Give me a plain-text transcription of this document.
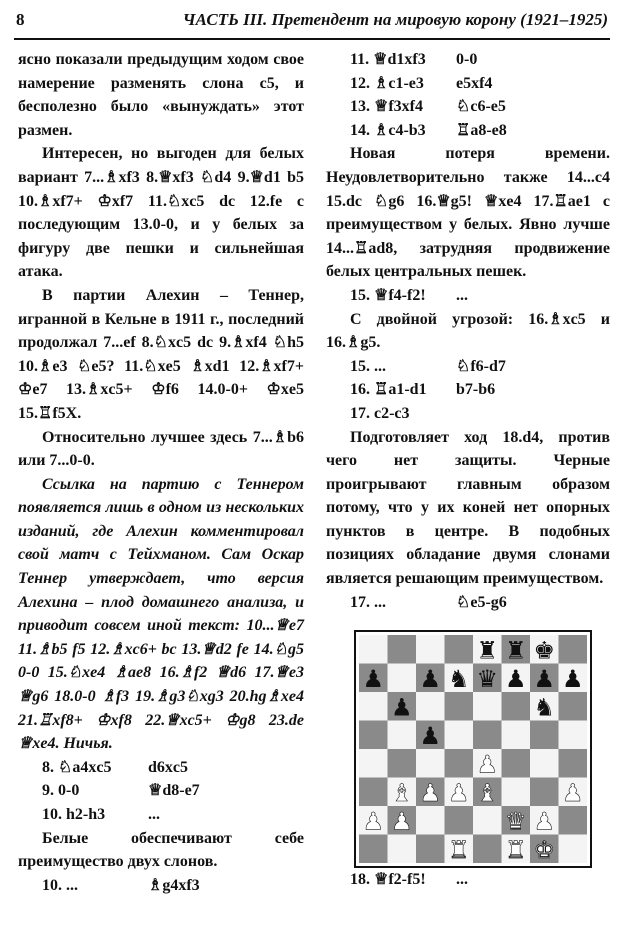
8	ЧАСТЬ III. Претендент на мировую корону (1921–1925)

ясно показали предыдущим ходом свое намерение разменять слона с5, и бесполезно было «вынуждать» этот размен.

Интересен, но выгоден для белых вариант 7...♗xf3 8.♕xf3 ♘d4 9.♕d1 b5 10.♗xf7+ ♔xf7 11.♘xc5 dc 12.fe с последующим 13.0-0, и у белых за фигуру две пешки и сильнейшая атака.

В партии Алехин – Теннер, игранной в Кельне в 1911 г., последний продолжал 7...ef 8.♘xc5 dc 9.♗xf4 ♘h5 10.♗e3 ♘e5? 11.♘xe5 ♗xd1 12.♗xf7+ ♔e7 13.♗xc5+ ♔f6 14.0-0+ ♔xe5 15.♖f5X.

Относительно лучшее здесь 7...♗b6 или 7...0-0.

Ссылка на партию с Теннером появляется лишь в одном из нескольких изданий, где Алехин комментировал свой матч с Тейхманом. Сам Оскар Теннер утверждает, что версия Алехина – плод домашнего анализа, и приводит совсем иной текст: 10...♕e7 11.♗b5 f5 12.♗xc6+ bc 13.♕d2 fe 14.♘g5 0-0 15.♘xe4 ♗ae8 16.♗f2 ♕d6 17.♕e3 ♕g6 18.0-0 ♗f3 19.♗g3♘xg3 20.hg♗xe4 21.♖xf8+ ♔xf8 22.♕xc5+ ♔g8 23.de ♕xe4. Ничья.

8. ♘a4xc5	d6xc5
9. 0-0	♕d8-e7
10. h2-h3	...

Белые обеспечивают себе преимущество двух слонов.

10. ...	♗g4xf3
11. ♕d1xf3	0-0
12. ♗c1-e3	e5xf4
13. ♕f3xf4	♘c6-e5
14. ♗c4-b3	♖a8-e8

Новая потеря времени. Неудовлетворительно также 14...c4 15.dc ♘g6 16.♕g5! ♕xe4 17.♖ae1 с преимуществом у белых. Явно лучше 14...♖ad8, затрудняя продвижение белых центральных пешек.

15. ♕f4-f2!	...

С двойной угрозой: 16.♗xc5 и 16.♗g5.

15. ...	♘f6-d7
16. ♖a1-d1	b7-b6
17. c2-c3

Подготовляет ход 18.d4, против чего нет защиты. Черные проигрывают главным образом потому, что у их коней нет опорных пунктов в центре. В подобных позициях обладание двумя слонами является решающим преимуществом.

17. ...	♘e5-g6
♜ ♜ ♚
♟ ♟ ♞ ♛ ♟ ♟ ♟
♟	♞
♟
♟
♝ ♟ ♟ ♝	♟
♟ ♟	♛ ♟
♜ ♜ ♚
18. ♕f2-f5!	...
